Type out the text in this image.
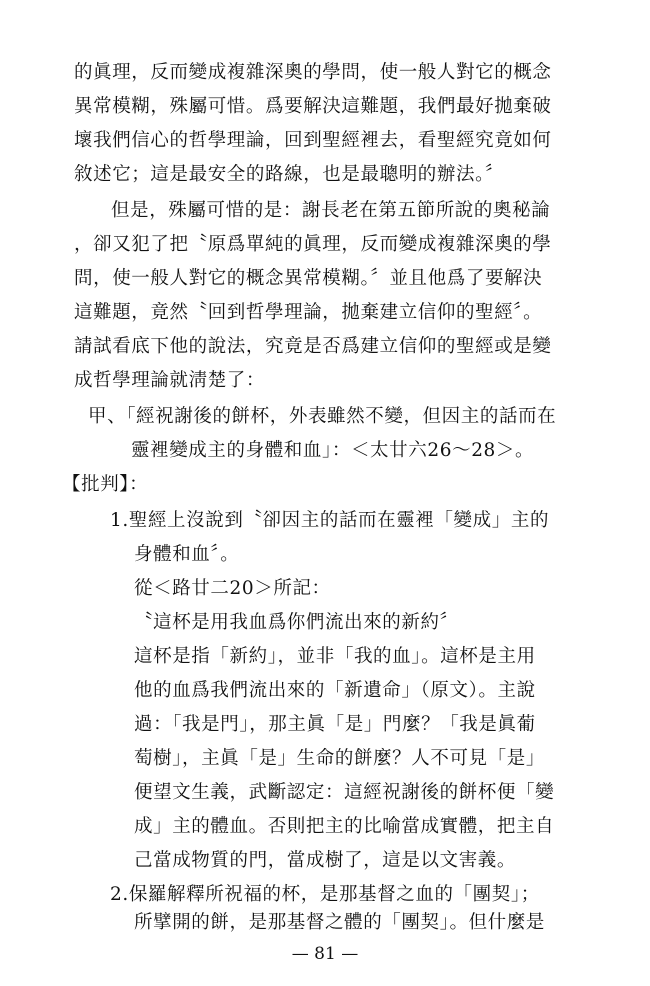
的眞理，反而變成複雜深奧的學問，使一般人對它的概念
異常模糊，殊屬可惜。爲要解決這難題，我們最好拋棄破
壞我們信心的哲學理論，回到聖經裡去，看聖經究竟如何
敘述它；這是最安全的路線，也是最聰明的辦法。〞
但是，殊屬可惜的是：謝長老在第五節所說的奧秘論
，卻又犯了把〝原爲單純的眞理，反而變成複雜深奧的學
問，使一般人對它的概念異常模糊。〞並且他爲了要解決
這難題，竟然〝回到哲學理論，拋棄建立信仰的聖經〞。
請試看底下他的說法，究竟是否爲建立信仰的聖經或是變
成哲學理論就淸楚了：
甲、「經祝謝後的餅杯，外表雖然不變，但因主的話而在
靈裡變成主的身體和血」：＜太廿六26～28＞。
【批判】：
1.聖經上沒說到〝卻因主的話而在靈裡「變成」主的
身體和血〞。
從＜路廿二20＞所記：
〝這杯是用我血爲你們流出來的新約〞
這杯是指「新約」，並非「我的血」。這杯是主用
他的血爲我們流出來的「新遺命」（原文）。主說
過：「我是門」，那主眞「是」門麼？「我是眞葡
萄樹」，主眞「是」生命的餅麼？人不可見「是」
便望文生義，武斷認定：這經祝謝後的餅杯便「變
成」主的體血。否則把主的比喻當成實體，把主自
己當成物質的門，當成樹了，這是以文害義。
2.保羅解釋所祝福的杯，是那基督之血的「團契」；
所擘開的餅，是那基督之體的「團契」。但什麼是
— 81 —
